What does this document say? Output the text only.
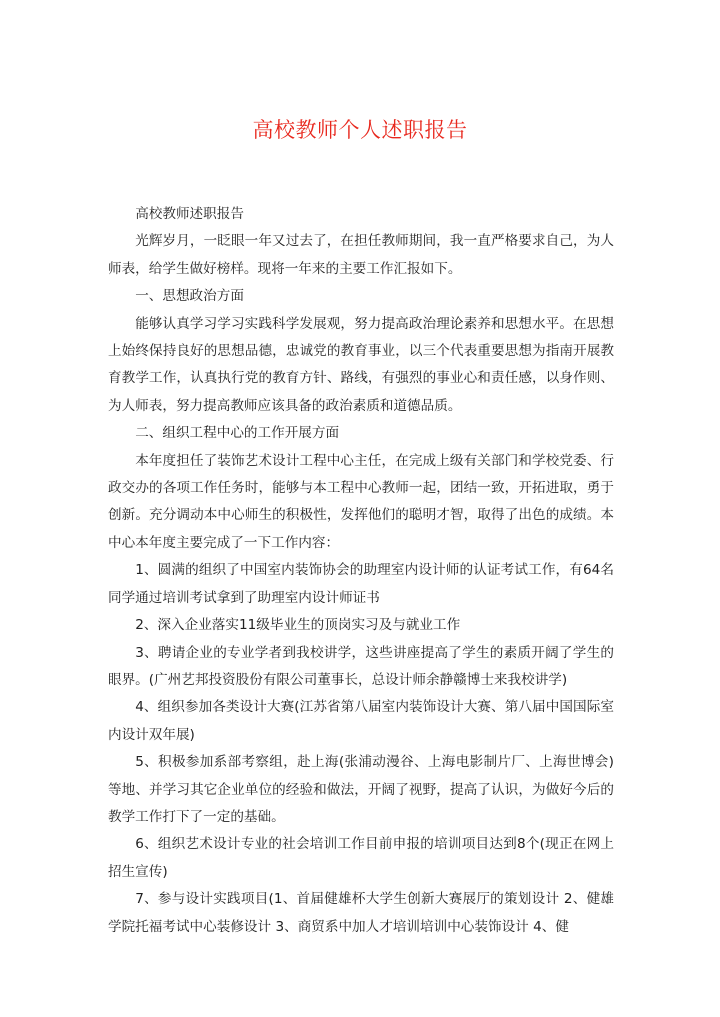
高校教师个人述职报告

高校教师述职报告

光辉岁月，一眨眼一年又过去了，在担任教师期间，我一直严格要求自己，为人师表，给学生做好榜样。现将一年来的主要工作汇报如下。

一、思想政治方面

能够认真学习学习实践科学发展观，努力提高政治理论素养和思想水平。在思想上始终保持良好的思想品德，忠诚党的教育事业，以三个代表重要思想为指南开展教育教学工作，认真执行党的教育方针、路线，有强烈的事业心和责任感，以身作则、为人师表，努力提高教师应该具备的政治素质和道德品质。

二、组织工程中心的工作开展方面

本年度担任了装饰艺术设计工程中心主任，在完成上级有关部门和学校党委、行政交办的各项工作任务时，能够与本工程中心教师一起，团结一致，开拓进取，勇于创新。充分调动本中心师生的积极性，发挥他们的聪明才智，取得了出色的成绩。本中心本年度主要完成了一下工作内容：

1、圆满的组织了中国室内装饰协会的助理室内设计师的认证考试工作，有64名同学通过培训考试拿到了助理室内设计师证书

2、深入企业落实11级毕业生的顶岗实习及与就业工作

3、聘请企业的专业学者到我校讲学，这些讲座提高了学生的素质开阔了学生的眼界。(广州艺邦投资股份有限公司董事长，总设计师余静赣博士来我校讲学)

4、组织参加各类设计大赛(江苏省第八届室内装饰设计大赛、第八届中国国际室内设计双年展)

5、积极参加系部考察组，赴上海(张浦动漫谷、上海电影制片厂、上海世博会)等地、并学习其它企业单位的经验和做法，开阔了视野，提高了认识，为做好今后的教学工作打下了一定的基础。

6、组织艺术设计专业的社会培训工作目前申报的培训项目达到8个(现正在网上招生宣传)

7、参与设计实践项目(1、首届健雄杯大学生创新大赛展厅的策划设计 2、健雄学院托福考试中心装修设计 3、商贸系中加人才培训培训中心装饰设计 4、健
